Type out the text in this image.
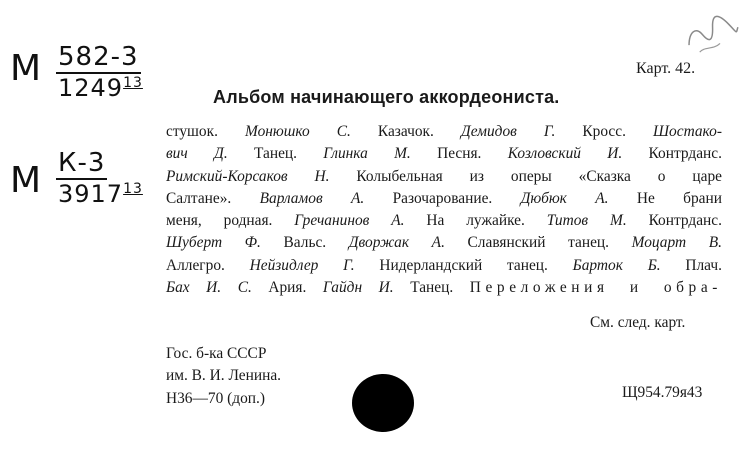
М $\frac{582-3}{1249^{13}}$
М К-3
3917$^{13}$
Карт. 42.
Альбом начинающего аккордеониста.
стушок. Монюшко С. Казачок. Демидов Г. Кросс. Шостако-
вич Д. Танец. Глинка М. Песня. Козловский И. Контрданс.
Римский-Корсаков Н. Колыбельная из оперы «Сказка о царе
Салтане». Варламов А. Разочарование. Дюбюк А. Не брани
меня, родная. Гречанинов А. На лужайке. Титов М. Контрданс.
Шуберт Ф. Вальс. Дворжак А. Славянский танец. Моцарт В.
Аллегро. Нейзидлер Г. Нидерландский танец. Барток Б. Плач.
Бах И. С. Ария. Гайдн И. Танец. Переложения и обра-
См. след. карт.
Гос. б-ка СССР
им. В. И. Ленина.
Н36—70 (доп.)	Щ954.79я43
